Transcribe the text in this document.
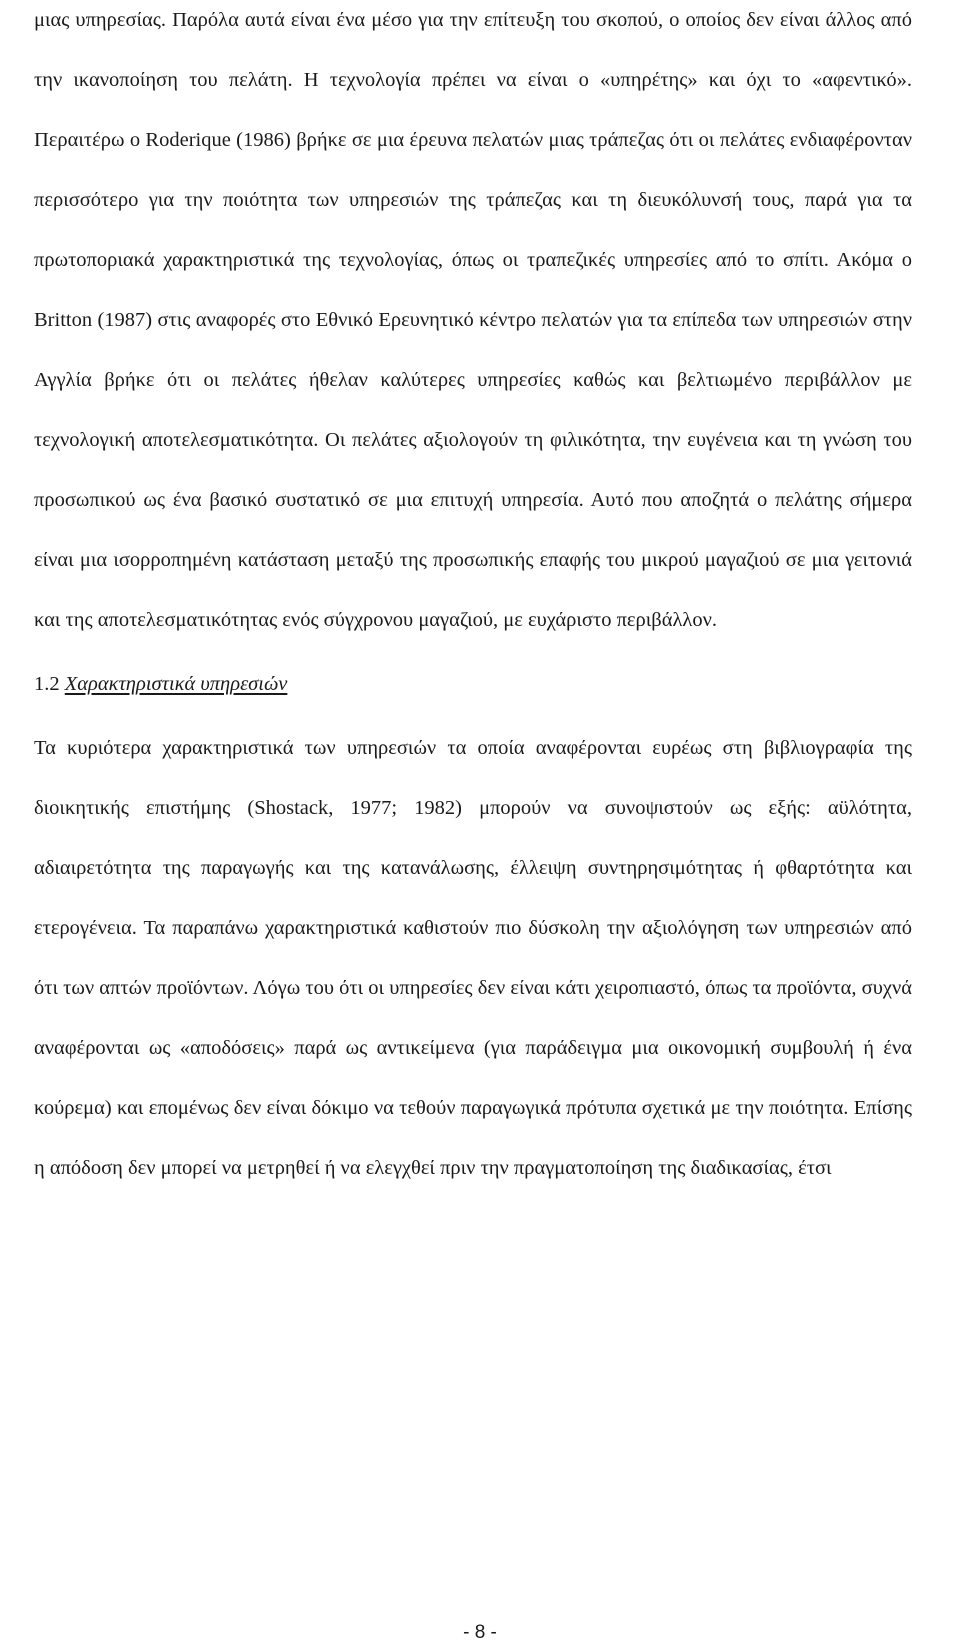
μιας υπηρεσίας. Παρόλα αυτά είναι ένα μέσο για την επίτευξη του σκοπού, ο οποίος δεν είναι άλλος από την ικανοποίηση του πελάτη. Η τεχνολογία πρέπει να είναι ο «υπηρέτης» και όχι το «αφεντικό». Περαιτέρω ο Roderique (1986) βρήκε σε μια έρευνα πελατών μιας τράπεζας ότι οι πελάτες ενδιαφέρονταν περισσότερο για την ποιότητα των υπηρεσιών της τράπεζας και τη διευκόλυνσή τους, παρά για τα πρωτοποριακά χαρακτηριστικά της τεχνολογίας, όπως οι τραπεζικές υπηρεσίες από το σπίτι. Ακόμα ο Britton (1987) στις αναφορές στο Εθνικό Ερευνητικό κέντρο πελατών για τα επίπεδα των υπηρεσιών στην Αγγλία βρήκε ότι οι πελάτες ήθελαν καλύτερες υπηρεσίες καθώς και βελτιωμένο περιβάλλον με τεχνολογική αποτελεσματικότητα. Οι πελάτες αξιολογούν τη φιλικότητα, την ευγένεια και τη γνώση του προσωπικού ως ένα βασικό συστατικό σε μια επιτυχή υπηρεσία. Αυτό που αποζητά ο πελάτης σήμερα είναι μια ισορροπημένη κατάσταση μεταξύ της προσωπικής επαφής του μικρού μαγαζιού σε μια γειτονιά και της αποτελεσματικότητας ενός σύγχρονου μαγαζιού, με ευχάριστο περιβάλλον.

1.2 Χαρακτηριστικά υπηρεσιών

Τα κυριότερα χαρακτηριστικά των υπηρεσιών τα οποία αναφέρονται ευρέως στη βιβλιογραφία της διοικητικής επιστήμης (Shostack, 1977; 1982) μπορούν να συνοψιστούν ως εξής: αϋλότητα, αδιαιρετότητα της παραγωγής και της κατανάλωσης, έλλειψη συντηρησιμότητας ή φθαρτότητα και ετερογένεια. Τα παραπάνω χαρακτηριστικά καθιστούν πιο δύσκολη την αξιολόγηση των υπηρεσιών από ότι των απτών προϊόντων. Λόγω του ότι οι υπηρεσίες δεν είναι κάτι χειροπιαστό, όπως τα προϊόντα, συχνά αναφέρονται ως «αποδόσεις» παρά ως αντικείμενα (για παράδειγμα μια οικονομική συμβουλή ή ένα κούρεμα) και επομένως δεν είναι δόκιμο να τεθούν παραγωγικά πρότυπα σχετικά με την ποιότητα. Επίσης η απόδοση δεν μπορεί να μετρηθεί ή να ελεγχθεί πριν την πραγματοποίηση της διαδικασίας, έτσι

- 8 -
